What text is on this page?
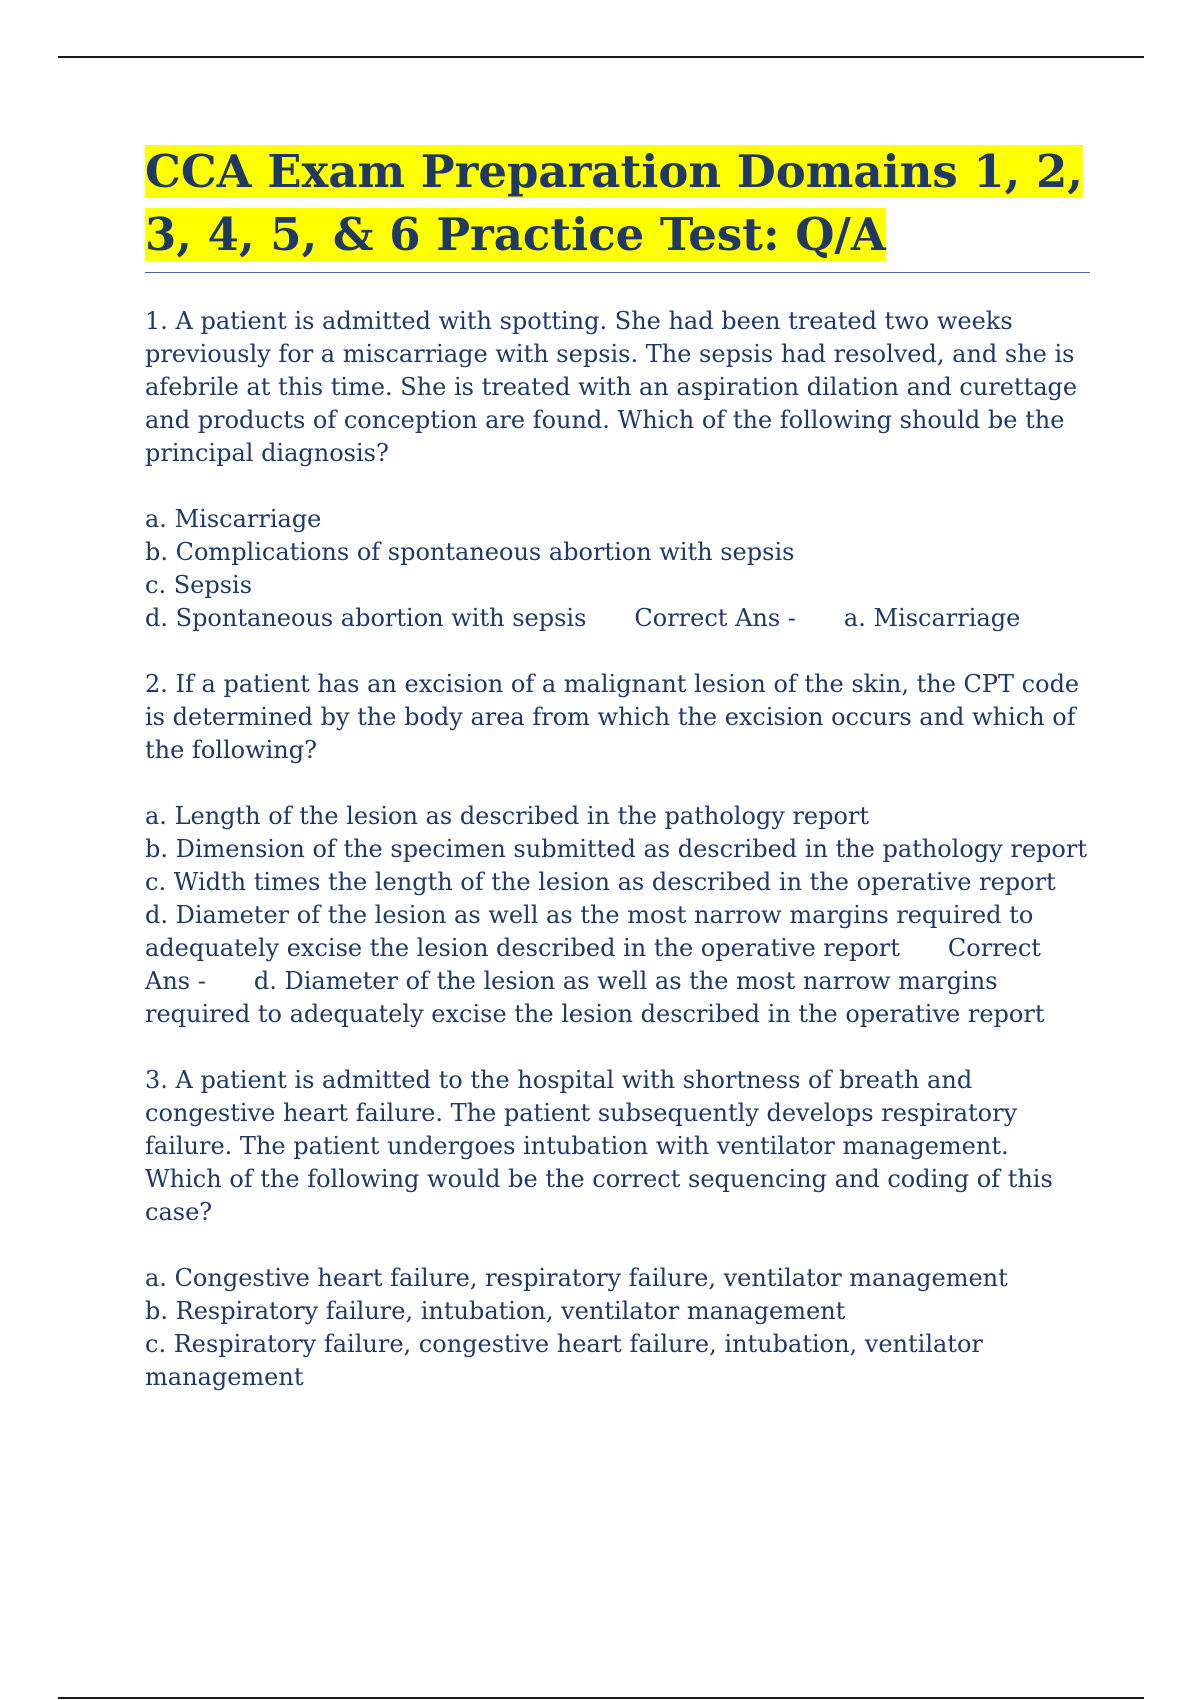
CCA Exam Preparation Domains 1, 2,
3, 4, 5, & 6 Practice Test: Q/A

1. A patient is admitted with spotting. She had been treated two weeks previously for a miscarriage with sepsis. The sepsis had resolved, and she is afebrile at this time. She is treated with an aspiration dilation and curettage and products of conception are found. Which of the following should be the principal diagnosis?

a. Miscarriage
b. Complications of spontaneous abortion with sepsis
c. Sepsis
d. Spontaneous abortion with sepsis Correct Ans - a. Miscarriage

2. If a patient has an excision of a malignant lesion of the skin, the CPT code is determined by the body area from which the excision occurs and which of the following?

a. Length of the lesion as described in the pathology report
b. Dimension of the specimen submitted as described in the pathology report
c. Width times the length of the lesion as described in the operative report
d. Diameter of the lesion as well as the most narrow margins required to adequately excise the lesion described in the operative report Correct Ans - d. Diameter of the lesion as well as the most narrow margins required to adequately excise the lesion described in the operative report

3. A patient is admitted to the hospital with shortness of breath and congestive heart failure. The patient subsequently develops respiratory failure. The patient undergoes intubation with ventilator management. Which of the following would be the correct sequencing and coding of this case?

a. Congestive heart failure, respiratory failure, ventilator management
b. Respiratory failure, intubation, ventilator management
c. Respiratory failure, congestive heart failure, intubation, ventilator management
